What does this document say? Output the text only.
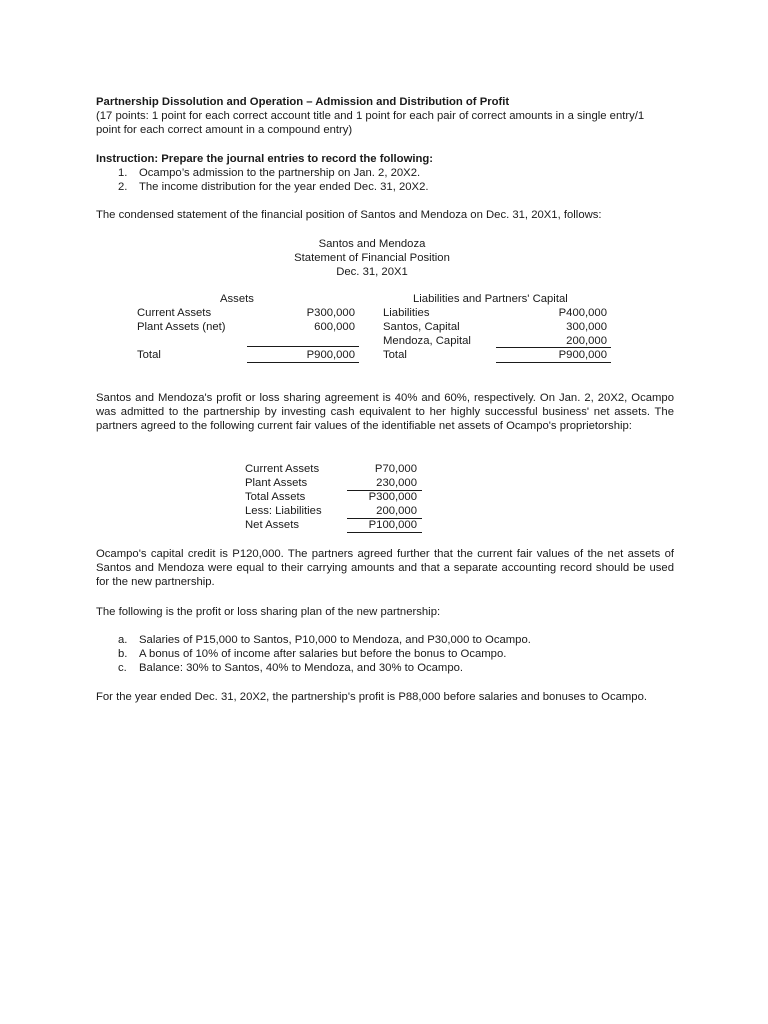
Partnership Dissolution and Operation – Admission and Distribution of Profit
(17 points: 1 point for each correct account title and 1 point for each pair of correct amounts in a single entry/1
point for each correct amount in a compound entry)
Instruction: Prepare the journal entries to record the following:
1. Ocampo’s admission to the partnership on Jan. 2, 20X2.
2. The income distribution for the year ended Dec. 31, 20X2.
The condensed statement of the financial position of Santos and Mendoza on Dec. 31, 20X1, follows:
Santos and Mendoza
Statement of Financial Position
Dec. 31, 20X1
Assets
Current Assets	P300,000
Plant Assets (net)	600,000
Total	P900,000
Liabilities and Partners' Capital
Liabilities	P400,000
Santos, Capital	300,000
Mendoza, Capital	200,000
Total	P900,000
Santos and Mendoza's profit or loss sharing agreement is 40% and 60%, respectively. On Jan. 2, 20X2, Ocampo was admitted to the partnership by investing cash equivalent to her highly successful business' net assets. The partners agreed to the following current fair values of the identifiable net assets of Ocampo's proprietorship:
Current Assets	P70,000
Plant Assets	230,000
Total Assets	P300,000
Less: Liabilities	200,000
Net Assets	P100,000
Ocampo's capital credit is P120,000. The partners agreed further that the current fair values of the net assets of Santos and Mendoza were equal to their carrying amounts and that a separate accounting record should be used for the new partnership.
The following is the profit or loss sharing plan of the new partnership:
a. Salaries of P15,000 to Santos, P10,000 to Mendoza, and P30,000 to Ocampo.
b. A bonus of 10% of income after salaries but before the bonus to Ocampo.
c. Balance: 30% to Santos, 40% to Mendoza, and 30% to Ocampo.
For the year ended Dec. 31, 20X2, the partnership's profit is P88,000 before salaries and bonuses to Ocampo.
